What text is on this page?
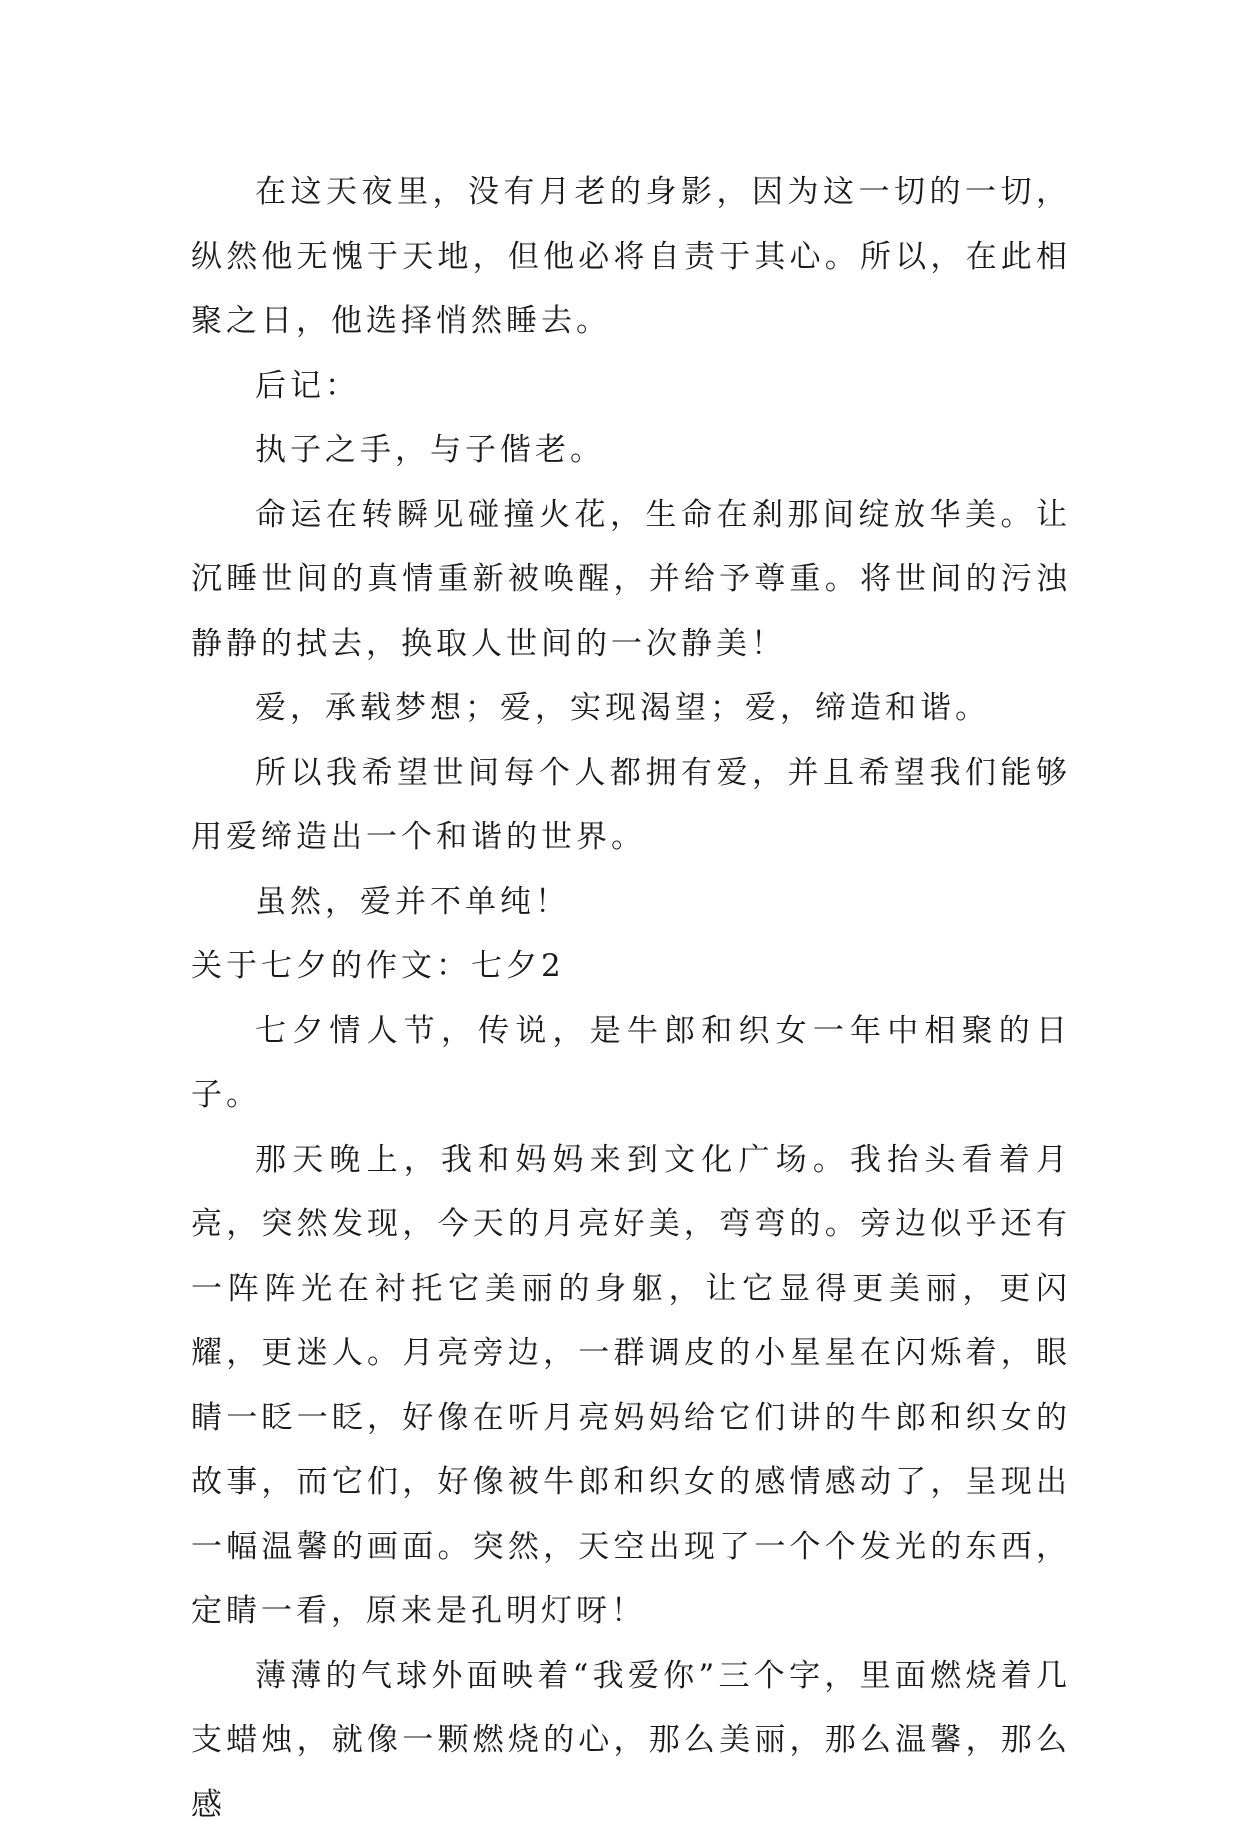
在这天夜里，没有月老的身影，因为这一切的一切，纵然他无愧于天地，但他必将自责于其心。所以，在此相聚之日，他选择悄然睡去。

后记：

执子之手，与子偕老。

命运在转瞬见碰撞火花，生命在刹那间绽放华美。让沉睡世间的真情重新被唤醒，并给予尊重。将世间的污浊静静的拭去，换取人世间的一次静美！

爱，承载梦想；爱，实现渴望；爱，缔造和谐。

所以我希望世间每个人都拥有爱，并且希望我们能够用爱缔造出一个和谐的世界。

虽然，爱并不单纯！

关于七夕的作文：七夕2

七夕情人节，传说，是牛郎和织女一年中相聚的日子。

那天晚上，我和妈妈来到文化广场。我抬头看着月亮，突然发现，今天的月亮好美，弯弯的。旁边似乎还有一阵阵光在衬托它美丽的身躯，让它显得更美丽，更闪耀，更迷人。月亮旁边，一群调皮的小星星在闪烁着，眼睛一眨一眨，好像在听月亮妈妈给它们讲的牛郎和织女的故事，而它们，好像被牛郎和织女的感情感动了，呈现出一幅温馨的画面。突然，天空出现了一个个发光的东西，定睛一看，原来是孔明灯呀！

薄薄的气球外面映着“我爱你”三个字，里面燃烧着几支蜡烛，就像一颗燃烧的心，那么美丽，那么温馨，那么感
